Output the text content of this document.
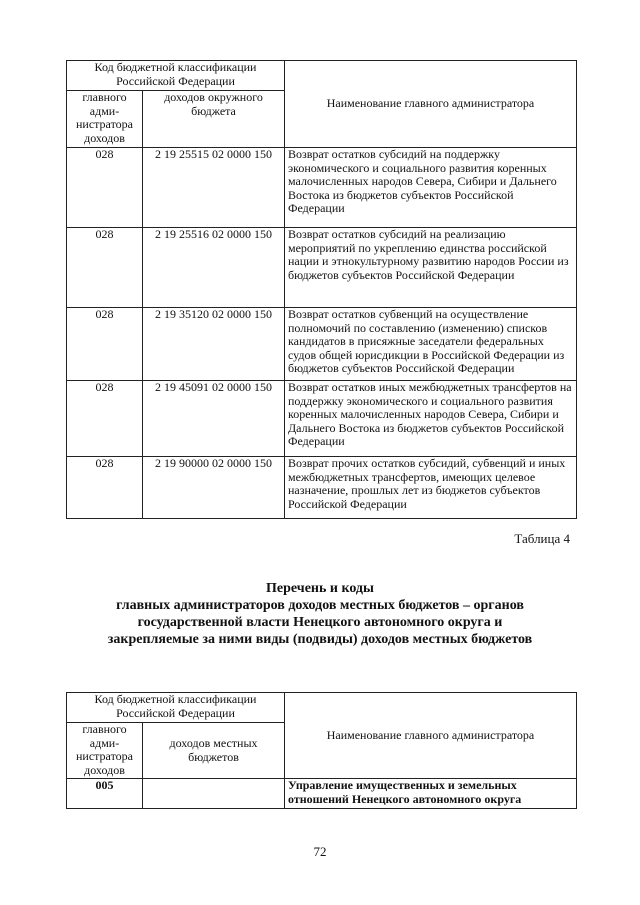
Код бюджетной классификации Российской Федерации		Наименование главного администратора
главного адми-нистратора доходов	доходов окружного бюджета	
028	2 19 25515 02 0000 150	Возврат остатков субсидий на поддержку экономического и социального развития коренных малочисленных народов Севера, Сибири и Дальнего Востока из бюджетов субъектов Российской Федерации
028	2 19 25516 02 0000 150	Возврат остатков субсидий на реализацию мероприятий по укреплению единства российской нации и этнокультурному развитию народов России из бюджетов субъектов Российской Федерации
028	2 19 35120 02 0000 150	Возврат остатков субвенций на осуществление полномочий по составлению (изменению) списков кандидатов в присяжные заседатели федеральных судов общей юрисдикции в Российской Федерации из бюджетов субъектов Российской Федерации
028	2 19 45091 02 0000 150	Возврат остатков иных межбюджетных трансфертов на поддержку экономического и социального развития коренных малочисленных народов Севера, Сибири и Дальнего Востока из бюджетов субъектов Российской Федерации
028	2 19 90000 02 0000 150	Возврат прочих остатков субсидий, субвенций и иных межбюджетных трансфертов, имеющих целевое назначение, прошлых лет из бюджетов субъектов Российской Федерации
Таблица 4
Перечень и коды
главных администраторов доходов местных бюджетов – органов
государственной власти Ненецкого автономного округа и
закрепляемые за ними виды (подвиды) доходов местных бюджетов
Код бюджетной классификации Российской Федерации		Наименование главного администратора
главного адми-нистратора доходов	доходов местных бюджетов	
005		Управление имущественных и земельных отношений Ненецкого автономного округа
72
